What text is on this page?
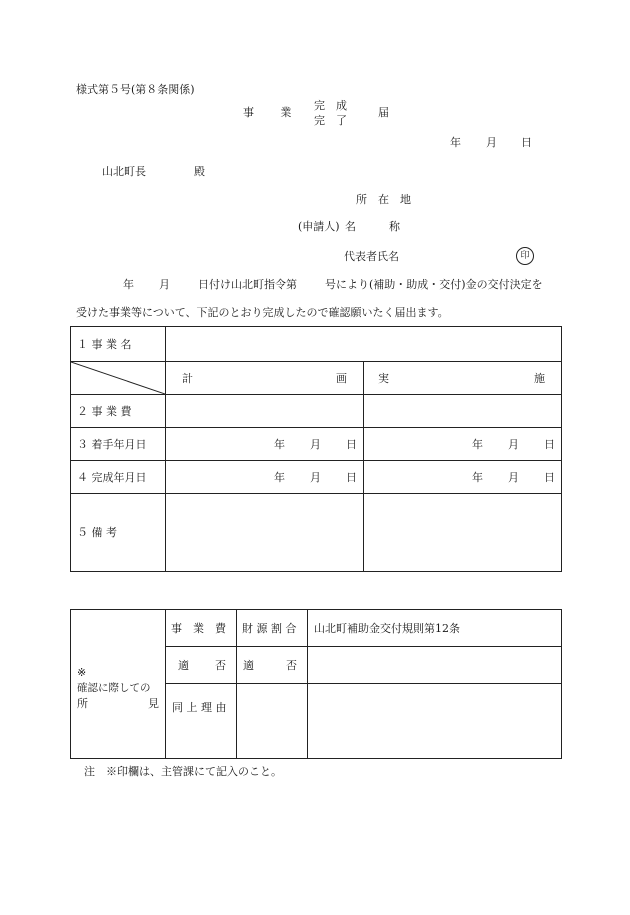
様式第５号(第８条関係)
事　業
完　成
完　了
届
年 月 日
山北町長	殿
所　在　地
(申請人) 名　　　称
代表者氏名	印
年 月	日付け山北町指令第	号により(補助・助成・交付)金の交付決定を
受けた事業等について、下記のとおり完成したので確認願いたく届出ます。
１ 事 業 名		

計 画	実 施

２ 事 業 費		
３ 着手年月日	年 月 日	年 月 日

４ 完成年月日	年 月 日	年 月 日

５ 備 考		
※
確認に際しての
所 見	事　業　費	財 源 割 合	山北町補助金交付規則第12条

	適 否	適 否	

	同 上 理 由		
注　※印欄は、主管課にて記入のこと。
